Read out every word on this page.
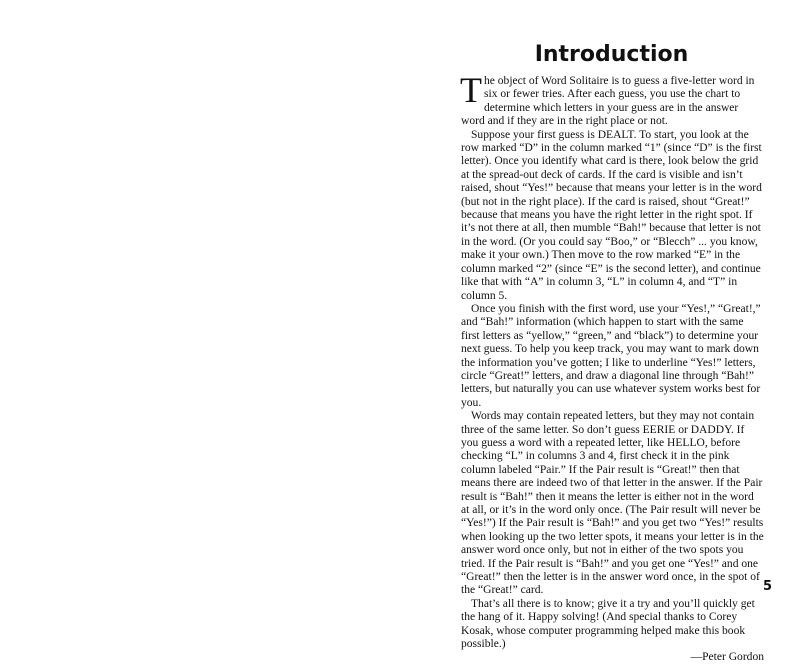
Introduction

The object of Word Solitaire is to guess a five-letter word in six or fewer tries. After each guess, you use the chart to determine which letters in your guess are in the answer word and if they are in the right place or not.

Suppose your first guess is DEALT. To start, you look at the row marked “D” in the column marked “1” (since “D” is the first letter). Once you identify what card is there, look below the grid at the spread-out deck of cards. If the card is visible and isn’t raised, shout “Yes!” because that means your letter is in the word (but not in the right place). If the card is raised, shout “Great!” because that means you have the right letter in the right spot. If it’s not there at all, then mumble “Bah!” because that letter is not in the word. (Or you could say “Boo,” or “Blecch” ... you know, make it your own.) Then move to the row marked “E” in the column marked “2” (since “E” is the second letter), and continue like that with “A” in column 3, “L” in column 4, and “T” in column 5.

Once you finish with the first word, use your “Yes!,” “Great!,” and “Bah!” information (which happen to start with the same first letters as “yellow,” “green,” and “black”) to determine your next guess. To help you keep track, you may want to mark down the information you’ve gotten; I like to underline “Yes!” letters, circle “Great!” letters, and draw a diagonal line through “Bah!” letters, but naturally you can use whatever system works best for you.

Words may contain repeated letters, but they may not contain three of the same letter. So don’t guess EERIE or DADDY. If you guess a word with a repeated letter, like HELLO, before checking “L” in columns 3 and 4, first check it in the pink column labeled “Pair.” If the Pair result is “Great!” then that means there are indeed two of that letter in the answer. If the Pair result is “Bah!” then it means the letter is either not in the word at all, or it’s in the word only once. (The Pair result will never be “Yes!”) If the Pair result is “Bah!” and you get two “Yes!” results when looking up the two letter spots, it means your letter is in the answer word once only, but not in either of the two spots you tried. If the Pair result is “Bah!” and you get one “Yes!” and one “Great!” then the letter is in the answer word once, in the spot of the “Great!” card.

That’s all there is to know; give it a try and you’ll quickly get the hang of it. Happy solving! (And special thanks to Corey Kosak, whose computer programming helped make this book possible.)

—Peter Gordon

5
